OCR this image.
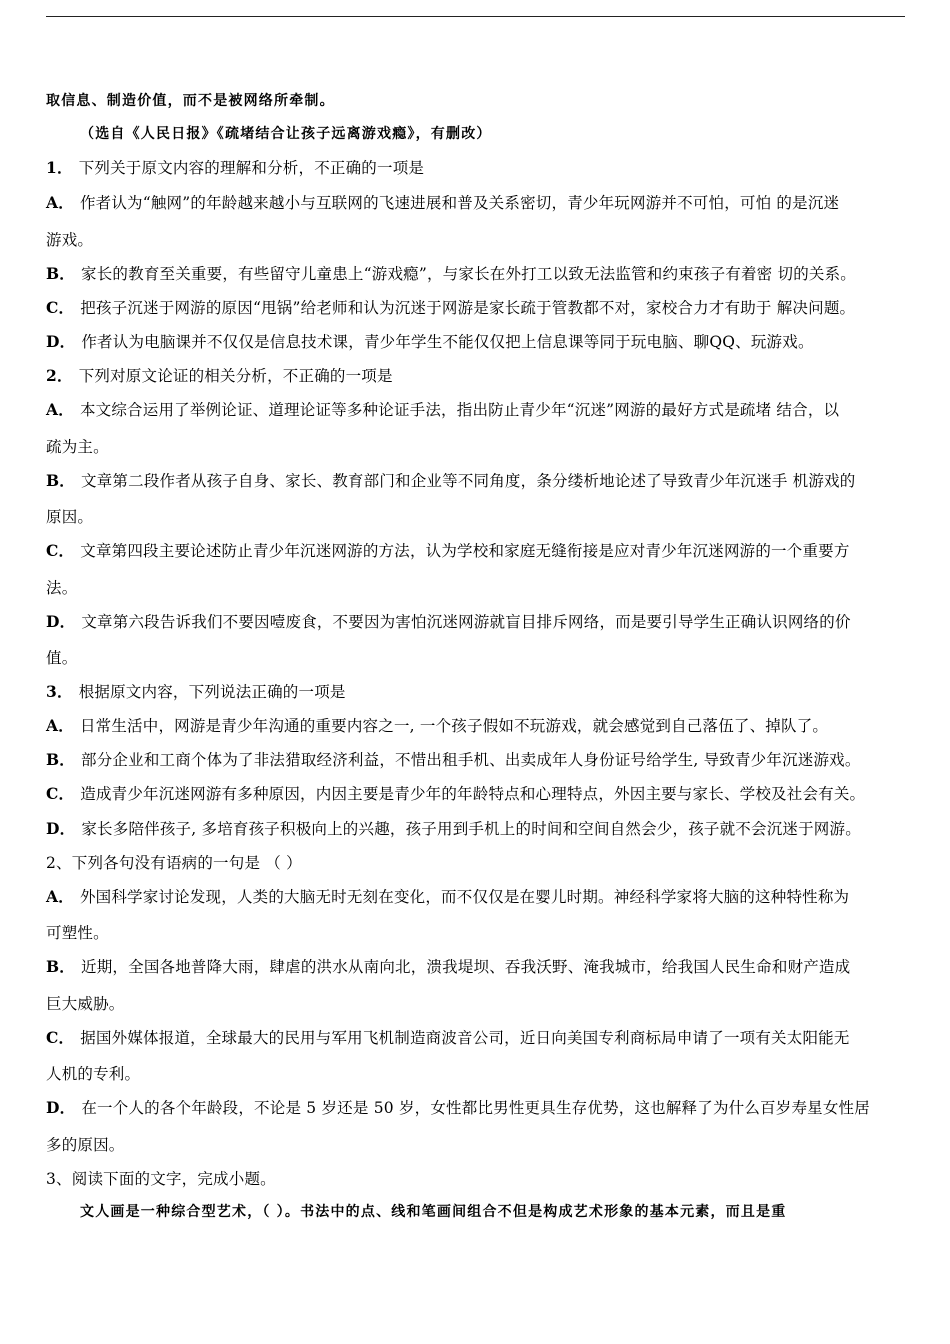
取信息、制造价值，而不是被网络所牵制。
（选自《人民日报》《疏堵结合让孩子远离游戏瘾》，有删改）
1． 下列关于原文内容的理解和分析，不正确的一项是
A． 作者认为“触网”的年龄越来越小与互联网的飞速进展和普及关系密切，青少年玩网游并不可怕，可怕 的是沉迷
游戏。
B． 家长的教育至关重要，有些留守儿童患上“游戏瘾”，与家长在外打工以致无法监管和约束孩子有着密 切的关系。
C． 把孩子沉迷于网游的原因“甩锅”给老师和认为沉迷于网游是家长疏于管教都不对，家校合力才有助于 解决问题。
D． 作者认为电脑课并不仅仅是信息技术课，青少年学生不能仅仅把上信息课等同于玩电脑、聊QQ、玩游戏。
2． 下列对原文论证的相关分析，不正确的一项是
A． 本文综合运用了举例论证、道理论证等多种论证手法，指出防止青少年“沉迷”网游的最好方式是疏堵 结合，以
疏为主。
B． 文章第二段作者从孩子自身、家长、教育部门和企业等不同角度，条分缕析地论述了导致青少年沉迷手 机游戏的
原因。
C． 文章第四段主要论述防止青少年沉迷网游的方法，认为学校和家庭无缝衔接是应对青少年沉迷网游的一个重要方
法。
D． 文章第六段告诉我们不要因噎废食，不要因为害怕沉迷网游就盲目排斥网络，而是要引导学生正确认识网络的价
值。
3． 根据原文内容，下列说法正确的一项是
A． 日常生活中，网游是青少年沟通的重要内容之一, 一个孩子假如不玩游戏，就会感觉到自己落伍了、掉队了。
B． 部分企业和工商个体为了非法猎取经济利益，不惜出租手机、出卖成年人身份证号给学生, 导致青少年沉迷游戏。
C． 造成青少年沉迷网游有多种原因，内因主要是青少年的年龄特点和心理特点，外因主要与家长、学校及社会有关。
D． 家长多陪伴孩子, 多培育孩子积极向上的兴趣，孩子用到手机上的时间和空间自然会少，孩子就不会沉迷于网游。
2、下列各句没有语病的一句是 （ ）
A． 外国科学家讨论发现，人类的大脑无时无刻在变化，而不仅仅是在婴儿时期。神经科学家将大脑的这种特性称为
可塑性。
B． 近期，全国各地普降大雨，肆虐的洪水从南向北，溃我堤坝、吞我沃野、淹我城市，给我国人民生命和财产造成
巨大威胁。
C． 据国外媒体报道，全球最大的民用与军用飞机制造商波音公司，近日向美国专利商标局申请了一项有关太阳能无
人机的专利。
D． 在一个人的各个年龄段，不论是 5 岁还是 50 岁，女性都比男性更具生存优势，这也解释了为什么百岁寿星女性居
多的原因。
3、阅读下面的文字，完成小题。
文人画是一种综合型艺术，（ ）。书法中的点、线和笔画间组合不但是构成艺术形象的基本元素，而且是重
